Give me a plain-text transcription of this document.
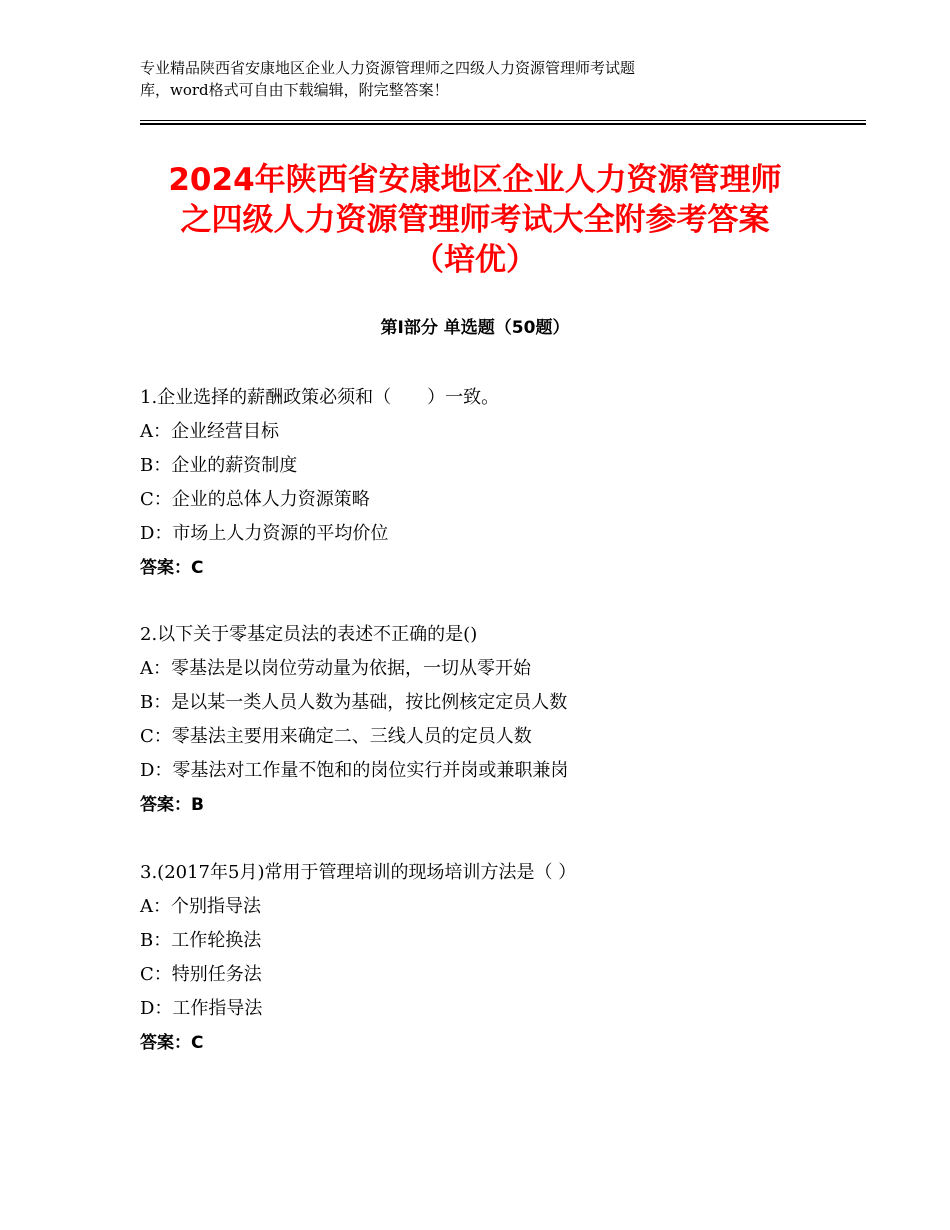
专业精品陕西省安康地区企业人力资源管理师之四级人力资源管理师考试题
库，word格式可自由下载编辑，附完整答案！
2024年陕西省安康地区企业人力资源管理师
之四级人力资源管理师考试大全附参考答案
（培优）
第Ⅰ部分 单选题（50题）
1.企业选择的薪酬政策必须和（　　）一致。
A：企业经营目标
B：企业的薪资制度
C：企业的总体人力资源策略
D：市场上人力资源的平均价位
答案：C
2.以下关于零基定员法的表述不正确的是()
A：零基法是以岗位劳动量为依据，一切从零开始
B：是以某一类人员人数为基础，按比例核定定员人数
C：零基法主要用来确定二、三线人员的定员人数
D：零基法对工作量不饱和的岗位实行并岗或兼职兼岗
答案：B
3.(2017年5月)常用于管理培训的现场培训方法是（ ）
A：个别指导法
B：工作轮换法
C：特别任务法
D：工作指导法
答案：C
